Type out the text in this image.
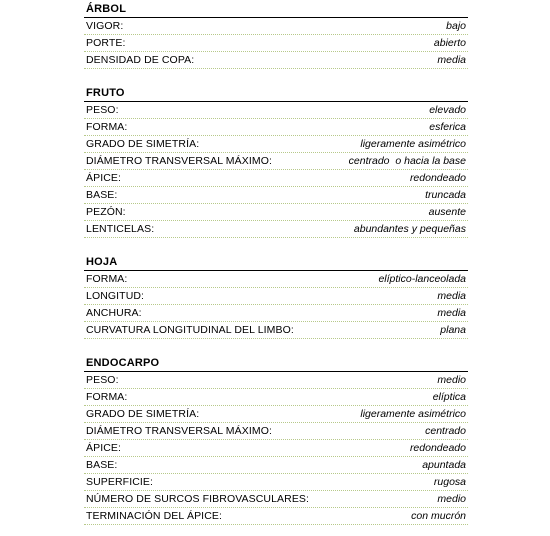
ÁRBOL
VIGOR:	bajo
PORTE:	abierto
DENSIDAD DE COPA:	media
FRUTO
PESO:	elevado
FORMA:	esferica
GRADO DE SIMETRÍA:	ligeramente asimétrico
DIÁMETRO TRANSVERSAL MÁXIMO:	centrado  o hacia la base
ÁPICE:	redondeado
BASE:	truncada
PEZÓN:	ausente
LENTICELAS:	abundantes y pequeñas
HOJA
FORMA:	elíptico-lanceolada
LONGITUD:	media
ANCHURA:	media
CURVATURA LONGITUDINAL DEL LIMBO:	plana
ENDOCARPO
PESO:	medio
FORMA:	elíptica
GRADO DE SIMETRÍA:	ligeramente asimétrico
DIÁMETRO TRANSVERSAL MÁXIMO:	centrado
ÁPICE:	redondeado
BASE:	apuntada
SUPERFICIE:	rugosa
NÚMERO DE SURCOS FIBROVASCULARES:	medio
TERMINACIÓN DEL ÁPICE:	con mucrón
